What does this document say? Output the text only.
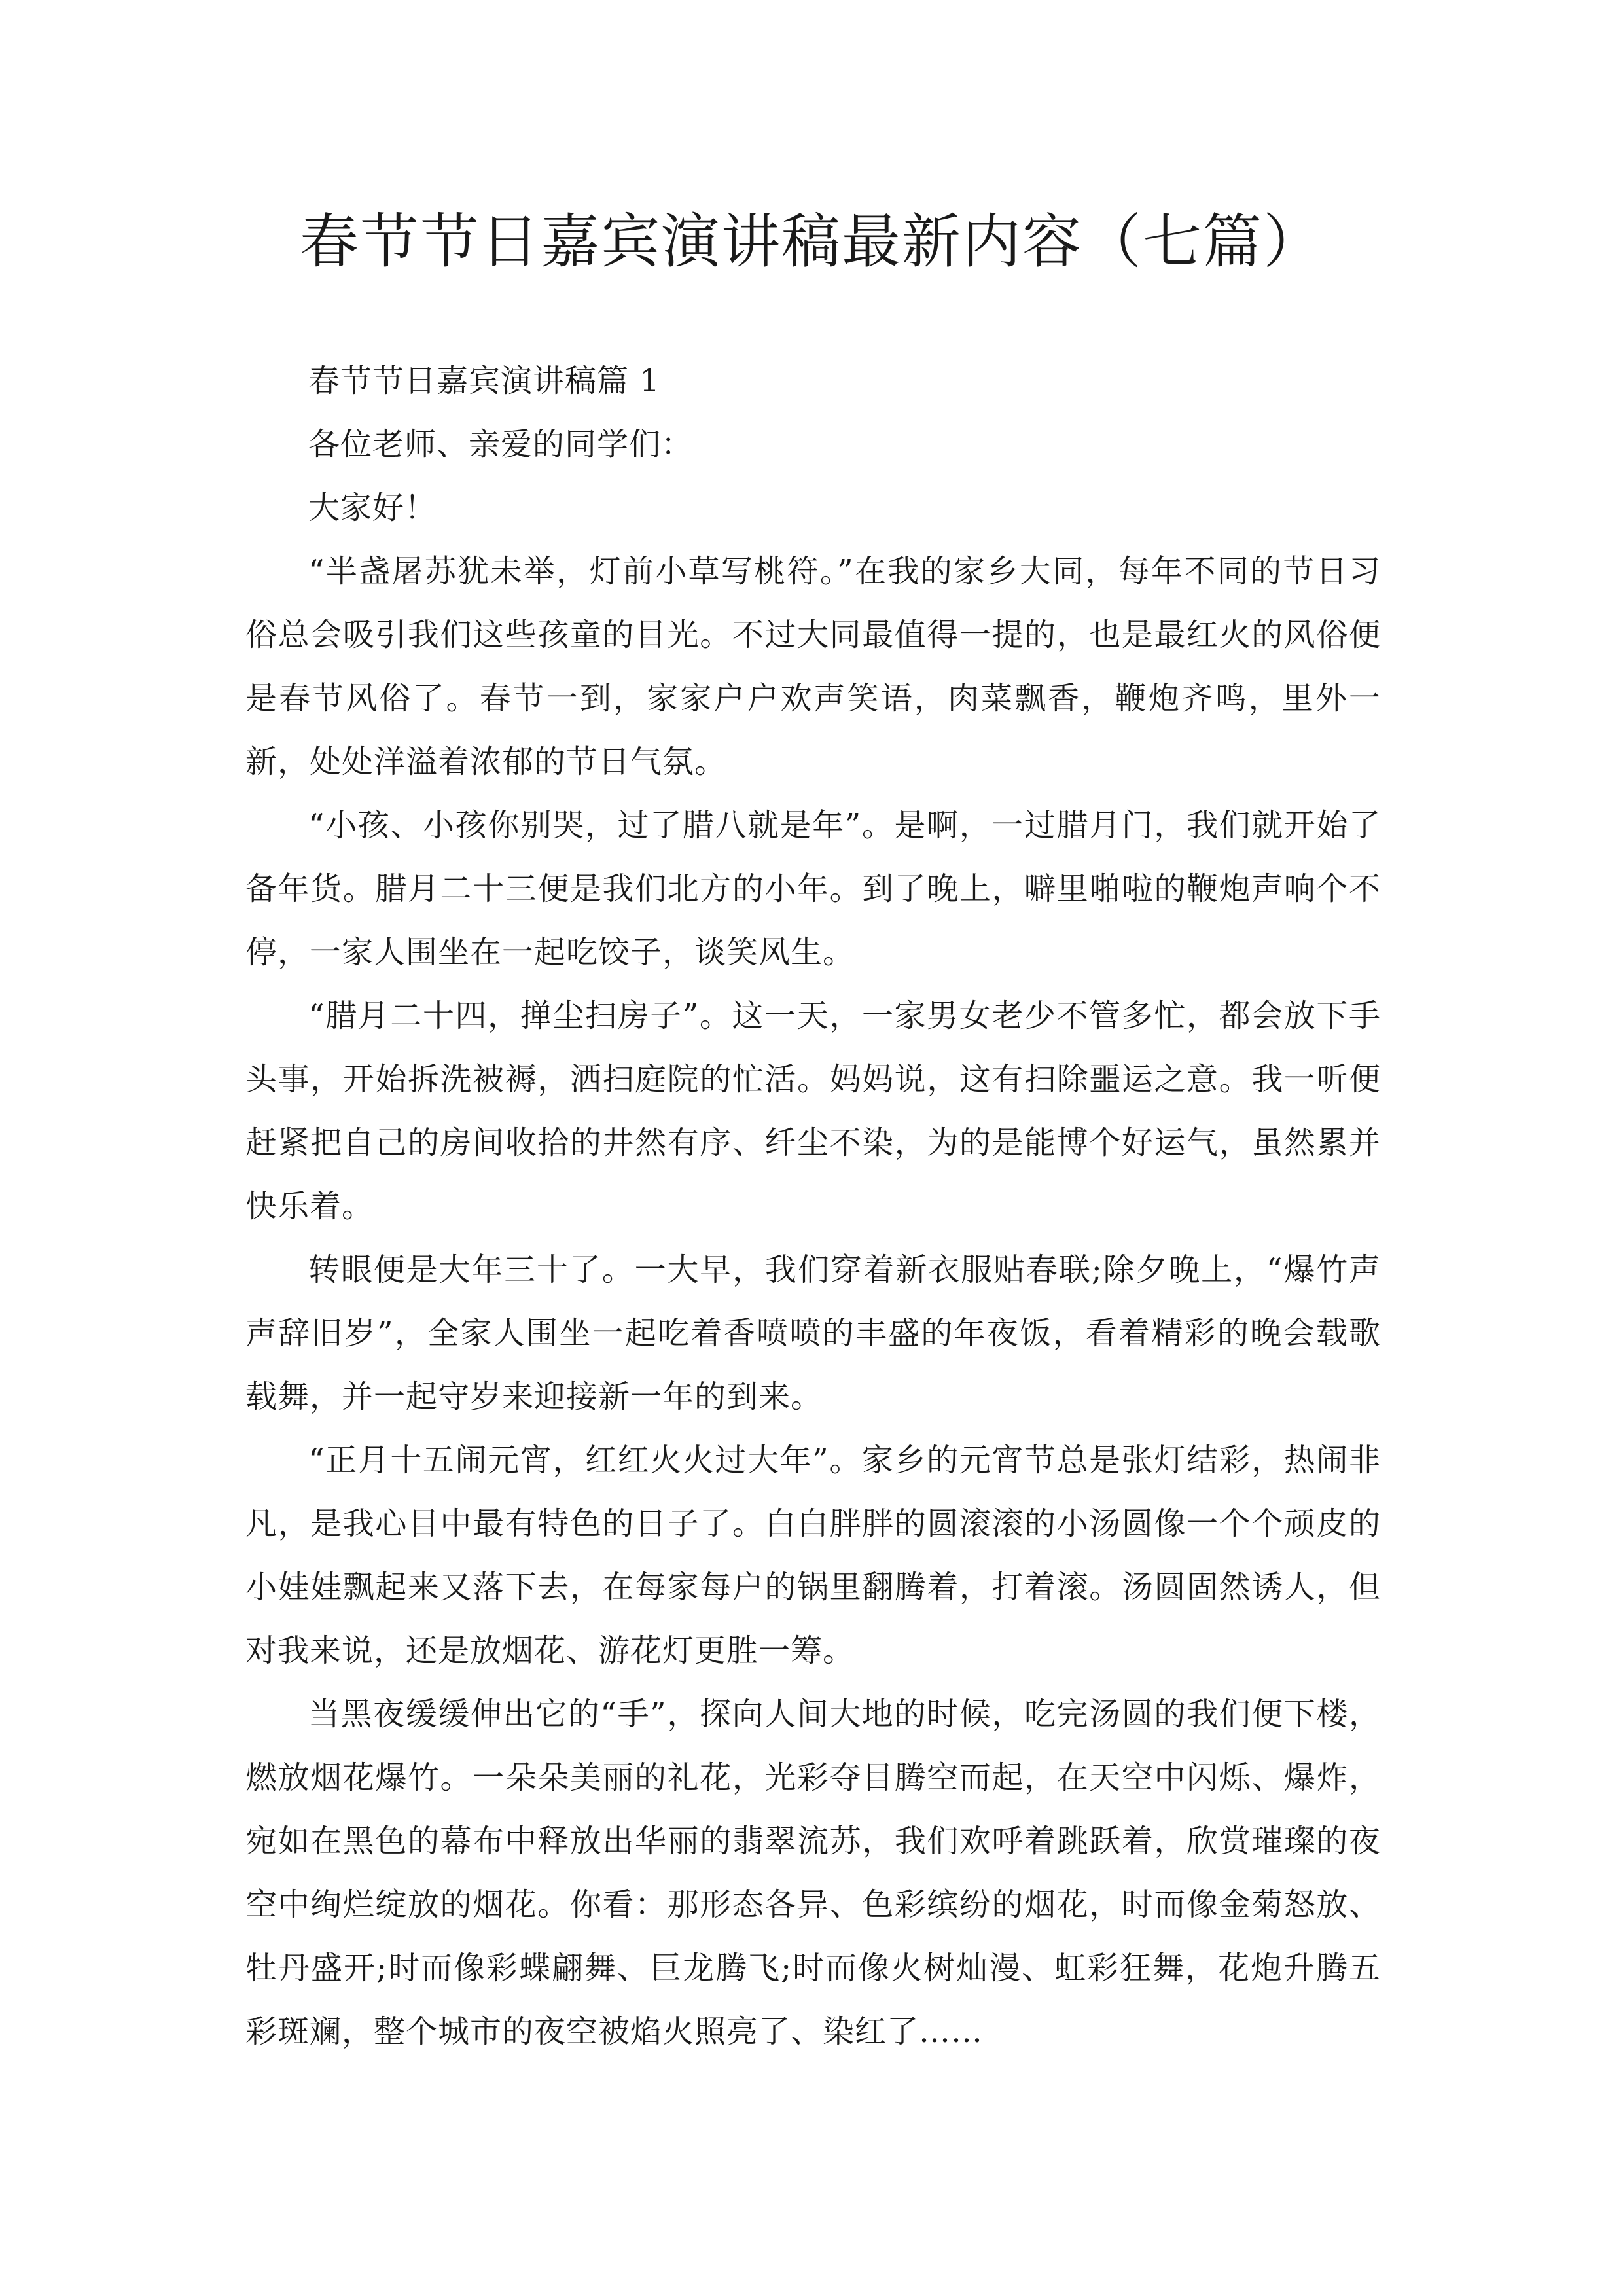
春节节日嘉宾演讲稿最新内容（七篇）

春节节日嘉宾演讲稿篇 1

各位老师、亲爱的同学们：

大家好！

“半盏屠苏犹未举，灯前小草写桃符。”在我的家乡大同，每年不同的节日习俗总会吸引我们这些孩童的目光。不过大同最值得一提的，也是最红火的风俗便是春节风俗了。春节一到，家家户户欢声笑语，肉菜飘香，鞭炮齐鸣，里外一新，处处洋溢着浓郁的节日气氛。

“小孩、小孩你别哭，过了腊八就是年”。是啊，一过腊月门，我们就开始了备年货。腊月二十三便是我们北方的小年。到了晚上，噼里啪啦的鞭炮声响个不停，一家人围坐在一起吃饺子，谈笑风生。

“腊月二十四，掸尘扫房子”。这一天，一家男女老少不管多忙，都会放下手头事，开始拆洗被褥，洒扫庭院的忙活。妈妈说，这有扫除噩运之意。我一听便赶紧把自己的房间收拾的井然有序、纤尘不染，为的是能博个好运气，虽然累并快乐着。

转眼便是大年三十了。一大早，我们穿着新衣服贴春联;除夕晚上，“爆竹声声辞旧岁”，全家人围坐一起吃着香喷喷的丰盛的年夜饭，看着精彩的晚会载歌载舞，并一起守岁来迎接新一年的到来。

“正月十五闹元宵，红红火火过大年”。家乡的元宵节总是张灯结彩，热闹非凡，是我心目中最有特色的日子了。白白胖胖的圆滚滚的小汤圆像一个个顽皮的小娃娃飘起来又落下去，在每家每户的锅里翻腾着，打着滚。汤圆固然诱人，但对我来说，还是放烟花、游花灯更胜一筹。

当黑夜缓缓伸出它的“手”，探向人间大地的时候，吃完汤圆的我们便下楼，燃放烟花爆竹。一朵朵美丽的礼花，光彩夺目腾空而起，在天空中闪烁、爆炸，宛如在黑色的幕布中释放出华丽的翡翠流苏，我们欢呼着跳跃着，欣赏璀璨的夜空中绚烂绽放的烟花。你看：那形态各异、色彩缤纷的烟花，时而像金菊怒放、牡丹盛开;时而像彩蝶翩舞、巨龙腾飞;时而像火树灿漫、虹彩狂舞，花炮升腾五彩斑斓，整个城市的夜空被焰火照亮了、染红了……
